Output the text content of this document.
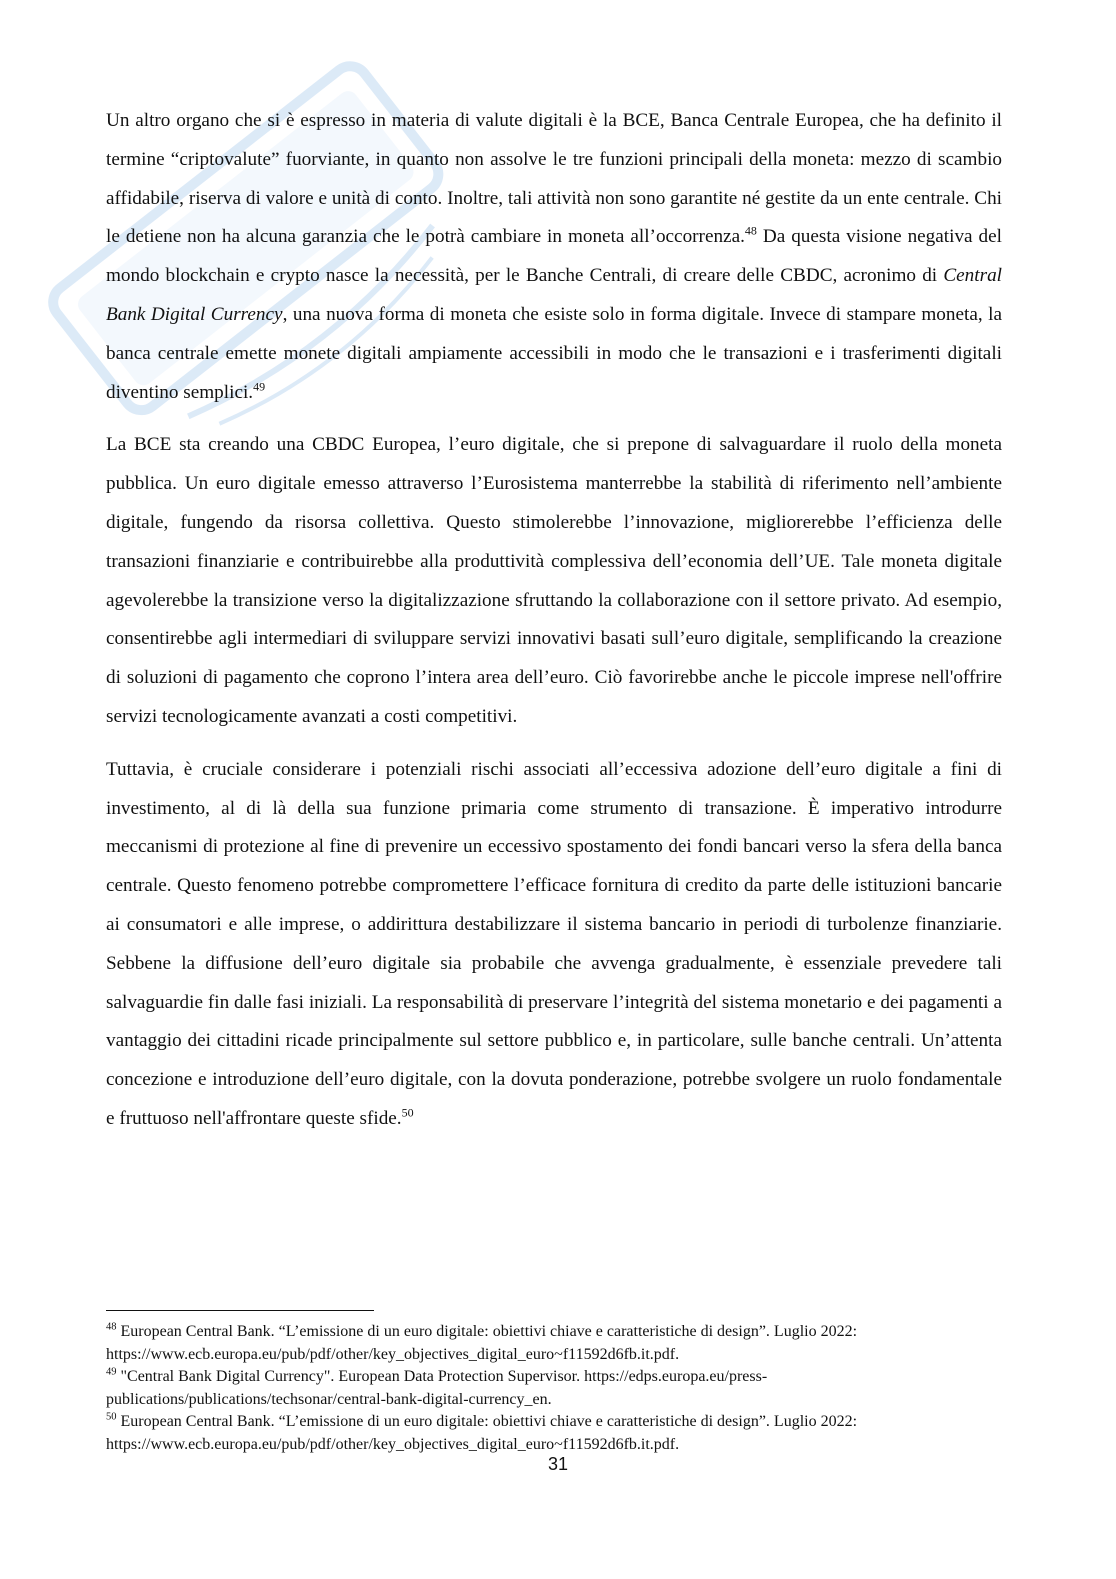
Un altro organo che si è espresso in materia di valute digitali è la BCE, Banca Centrale Europea, che ha definito il termine “criptovalute” fuorviante, in quanto non assolve le tre funzioni principali della moneta: mezzo di scambio affidabile, riserva di valore e unità di conto. Inoltre, tali attività non sono garantite né gestite da un ente centrale. Chi le detiene non ha alcuna garanzia che le potrà cambiare in moneta all’occorrenza.$^{48}$ Da questa visione negativa del mondo blockchain e crypto nasce la necessità, per le Banche Centrali, di creare delle CBDC, acronimo di Central Bank Digital Currency, una nuova forma di moneta che esiste solo in forma digitale. Invece di stampare moneta, la banca centrale emette monete digitali ampiamente accessibili in modo che le transazioni e i trasferimenti digitali diventino semplici.$^{49}$

La BCE sta creando una CBDC Europea, l’euro digitale, che si prepone di salvaguardare il ruolo della moneta pubblica. Un euro digitale emesso attraverso l’Eurosistema manterrebbe la stabilità di riferimento nell’ambiente digitale, fungendo da risorsa collettiva. Questo stimolerebbe l’innovazione, migliorerebbe l’efficienza delle transazioni finanziarie e contribuirebbe alla produttività complessiva dell’economia dell’UE. Tale moneta digitale agevolerebbe la transizione verso la digitalizzazione sfruttando la collaborazione con il settore privato. Ad esempio, consentirebbe agli intermediari di sviluppare servizi innovativi basati sull’euro digitale, semplificando la creazione di soluzioni di pagamento che coprono l’intera area dell’euro. Ciò favorirebbe anche le piccole imprese nell'offrire servizi tecnologicamente avanzati a costi competitivi.

Tuttavia, è cruciale considerare i potenziali rischi associati all’eccessiva adozione dell’euro digitale a fini di investimento, al di là della sua funzione primaria come strumento di transazione. È imperativo introdurre meccanismi di protezione al fine di prevenire un eccessivo spostamento dei fondi bancari verso la sfera della banca centrale. Questo fenomeno potrebbe compromettere l’efficace fornitura di credito da parte delle istituzioni bancarie ai consumatori e alle imprese, o addirittura destabilizzare il sistema bancario in periodi di turbolenze finanziarie. Sebbene la diffusione dell’euro digitale sia probabile che avvenga gradualmente, è essenziale prevedere tali salvaguardie fin dalle fasi iniziali. La responsabilità di preservare l’integrità del sistema monetario e dei pagamenti a vantaggio dei cittadini ricade principalmente sul settore pubblico e, in particolare, sulle banche centrali. Un’attenta concezione e introduzione dell’euro digitale, con la dovuta ponderazione, potrebbe svolgere un ruolo fondamentale e fruttuoso nell'affrontare queste sfide.$^{50}$

$^{48}$ European Central Bank. “L’emissione di un euro digitale: obiettivi chiave e caratteristiche di design”. Luglio 2022: https://www.ecb.europa.eu/pub/pdf/other/key_objectives_digital_euro~f11592d6fb.it.pdf.

$^{49}$ "Central Bank Digital Currency". European Data Protection Supervisor. https://edps.europa.eu/press-publications/publications/techsonar/central-bank-digital-currency_en.

$^{50}$ European Central Bank. “L’emissione di un euro digitale: obiettivi chiave e caratteristiche di design”. Luglio 2022: https://www.ecb.europa.eu/pub/pdf/other/key_objectives_digital_euro~f11592d6fb.it.pdf.

31
